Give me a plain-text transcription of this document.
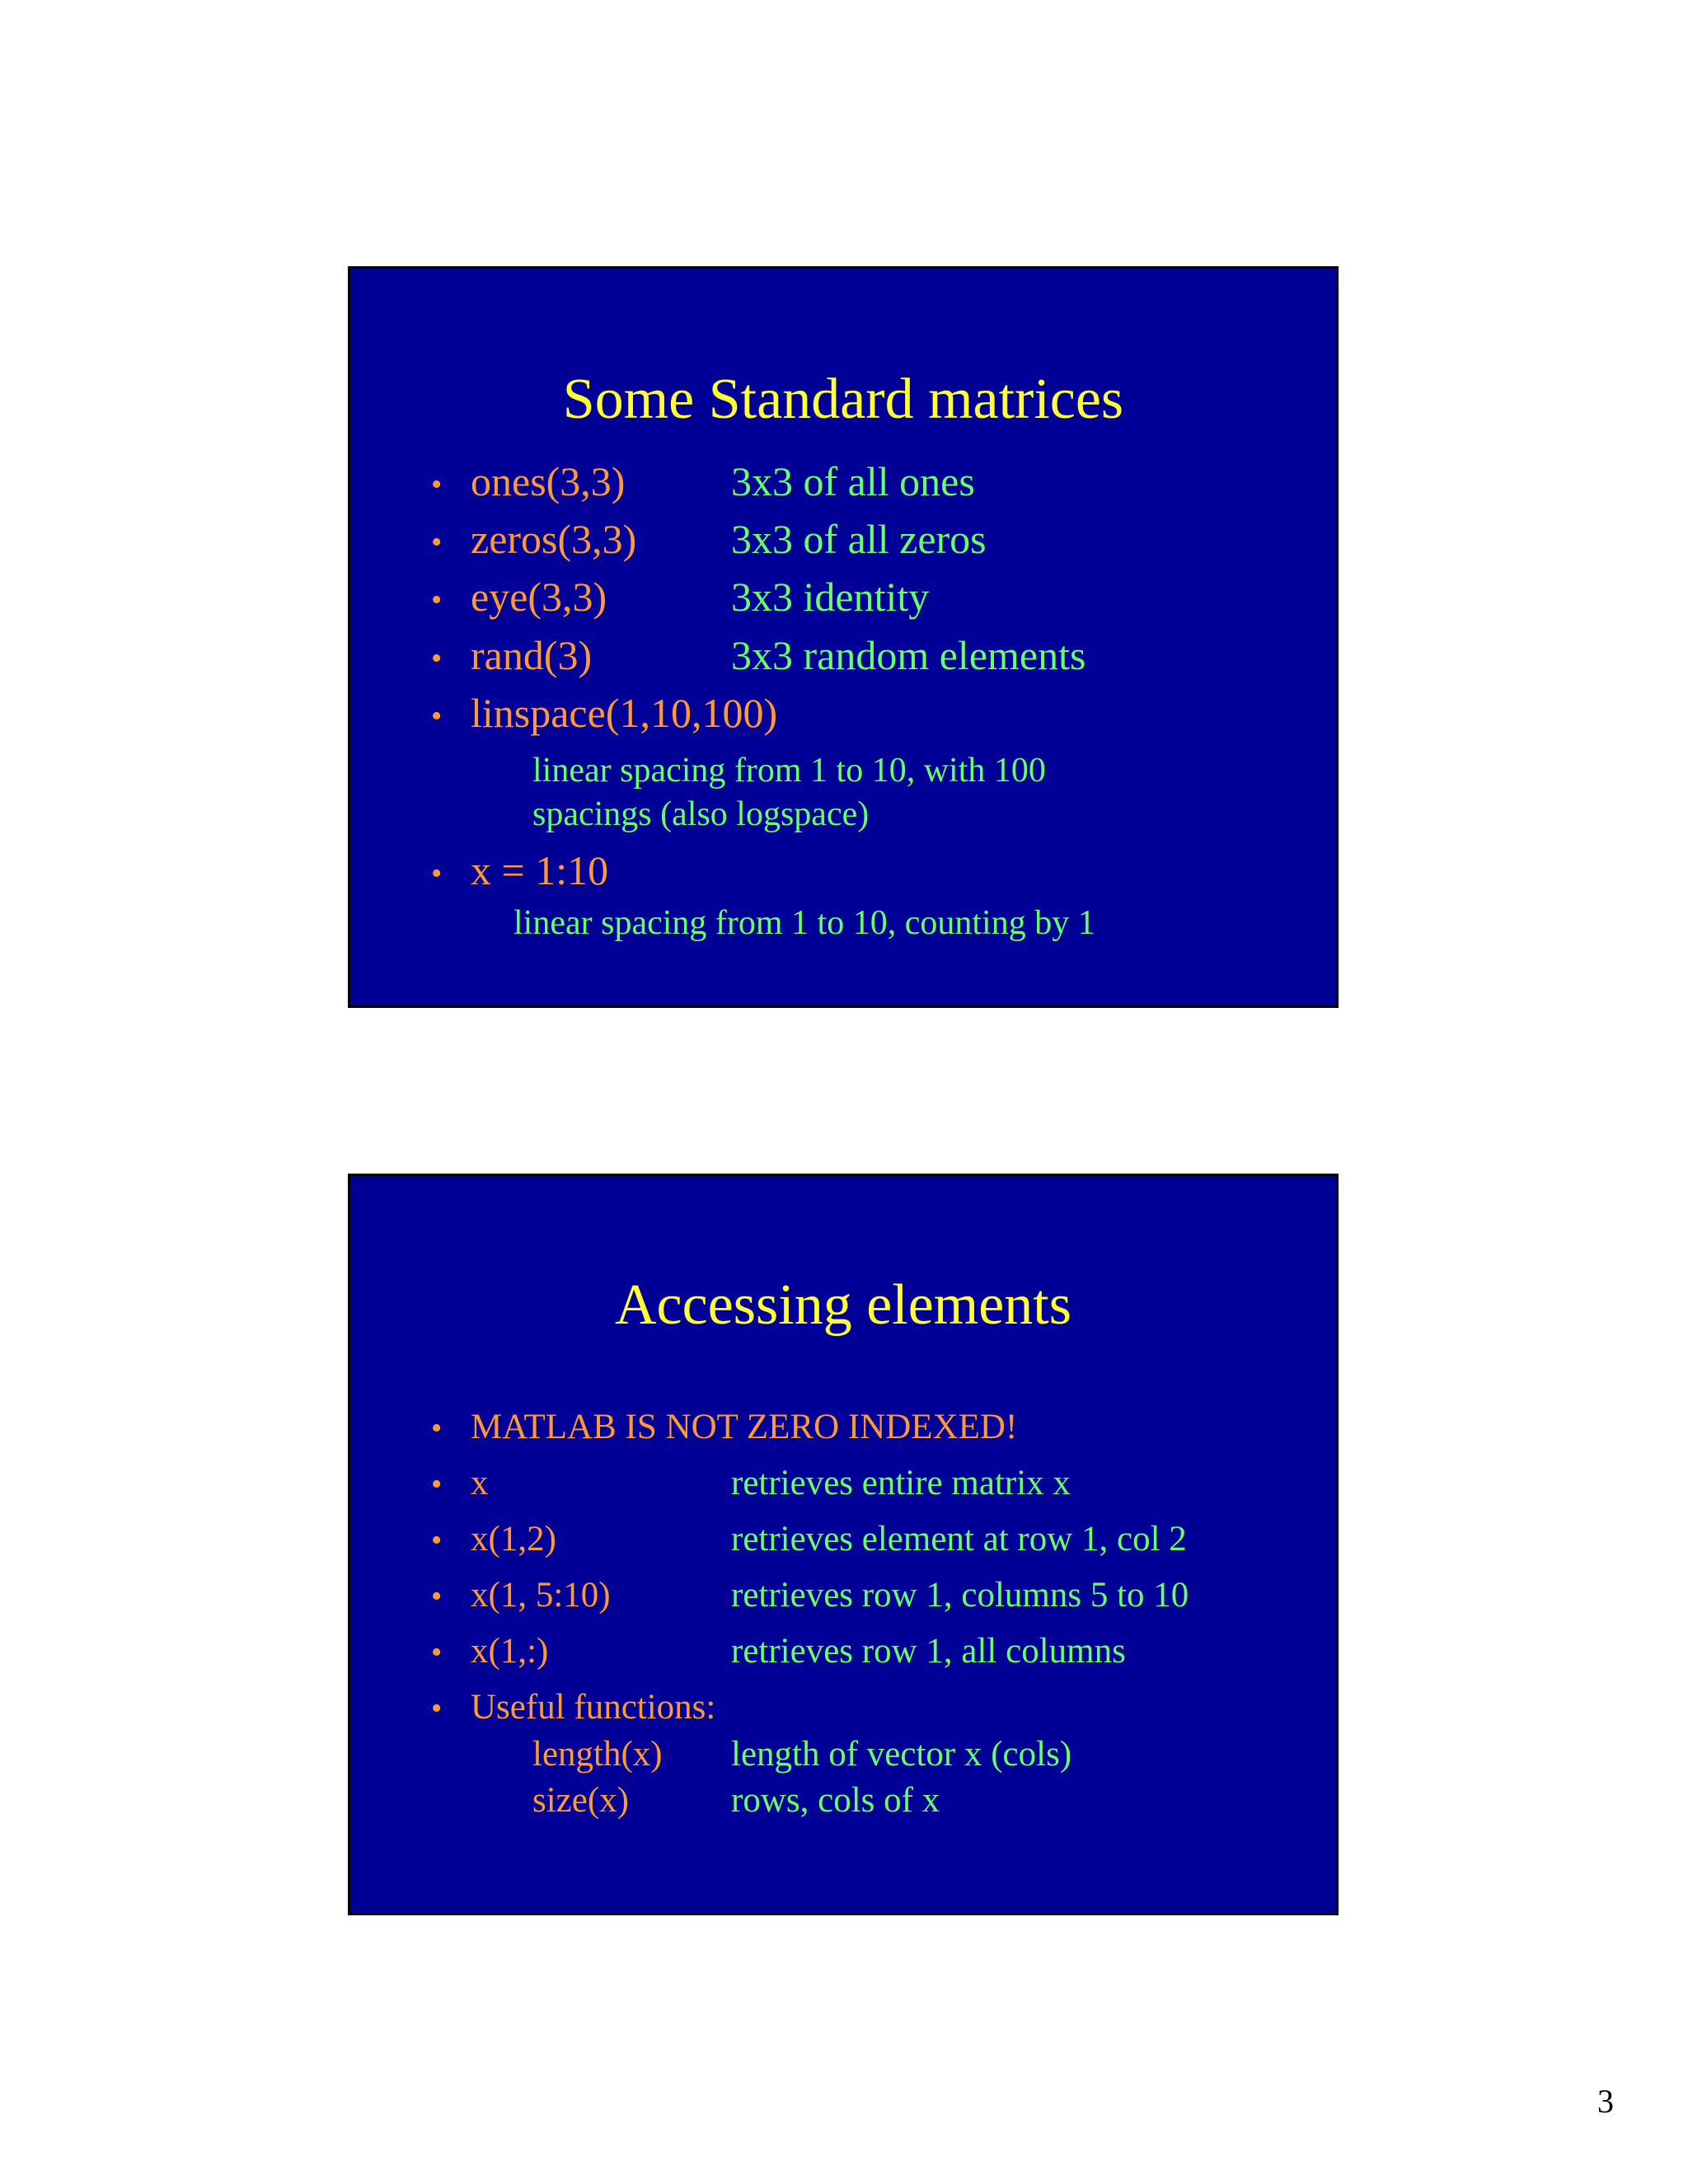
Some Standard matrices
• ones(3,3)	3x3 of all ones
• zeros(3,3) 3x3 of all zeros
• eye(3,3)	3x3 identity
• rand(3)	3x3 random elements
• linspace(1,10,100)
linear spacing from 1 to 10, with 100
spacings (also logspace)
• x = 1:10
linear spacing from 1 to 10, counting by 1
Accessing elements
• MATLAB IS NOT ZERO INDEXED!
• x	retrieves entire matrix x
• x(1,2)	retrieves element at row 1, col 2
• x(1, 5:10)	retrieves row 1, columns 5 to 10
• x(1,:)	retrieves row 1, all columns
• Useful functions:
length(x) length of vector x (cols)
size(x)	rows, cols of x
3
